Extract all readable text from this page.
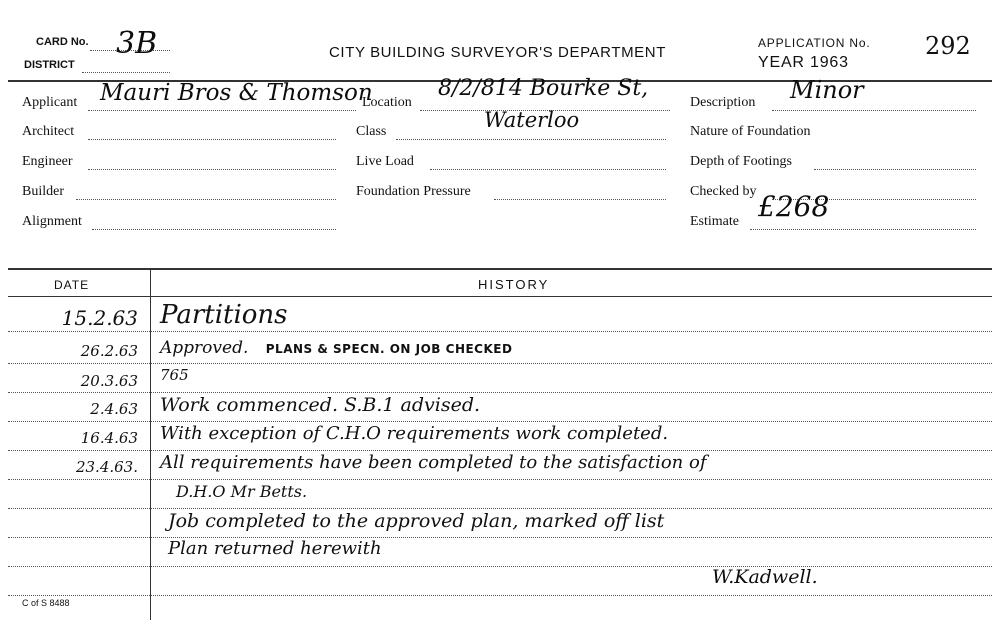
CARD No. 3B
DISTRICT
CITY BUILDING SURVEYOR'S DEPARTMENT
APPLICATION No. 292
YEAR 1963
Applicant Mauri Bros & Thomson
Architect
Engineer
Builder
Alignment
Location
8/2/814 Bourke St,
Waterloo
Class
Live Load
Foundation Pressure
Description Minor
Nature of Foundation
Depth of Footings
Checked by
Estimate £268
DATE	HISTORY
15.2.63 Partitions
26.2.63 Approved. PLANS & SPECN. ON JOB CHECKED
20.3.63 765
2.4.63 Work commenced. S.B.1 advised.
16.4.63 With exception of C.H.O requirements work completed.
23.4.63. All requirements have been completed to the satisfaction of
D.H.O Mr Betts.
Job completed to the approved plan, marked off list
Plan returned herewith
W.Kadwell.
C of S 8488
